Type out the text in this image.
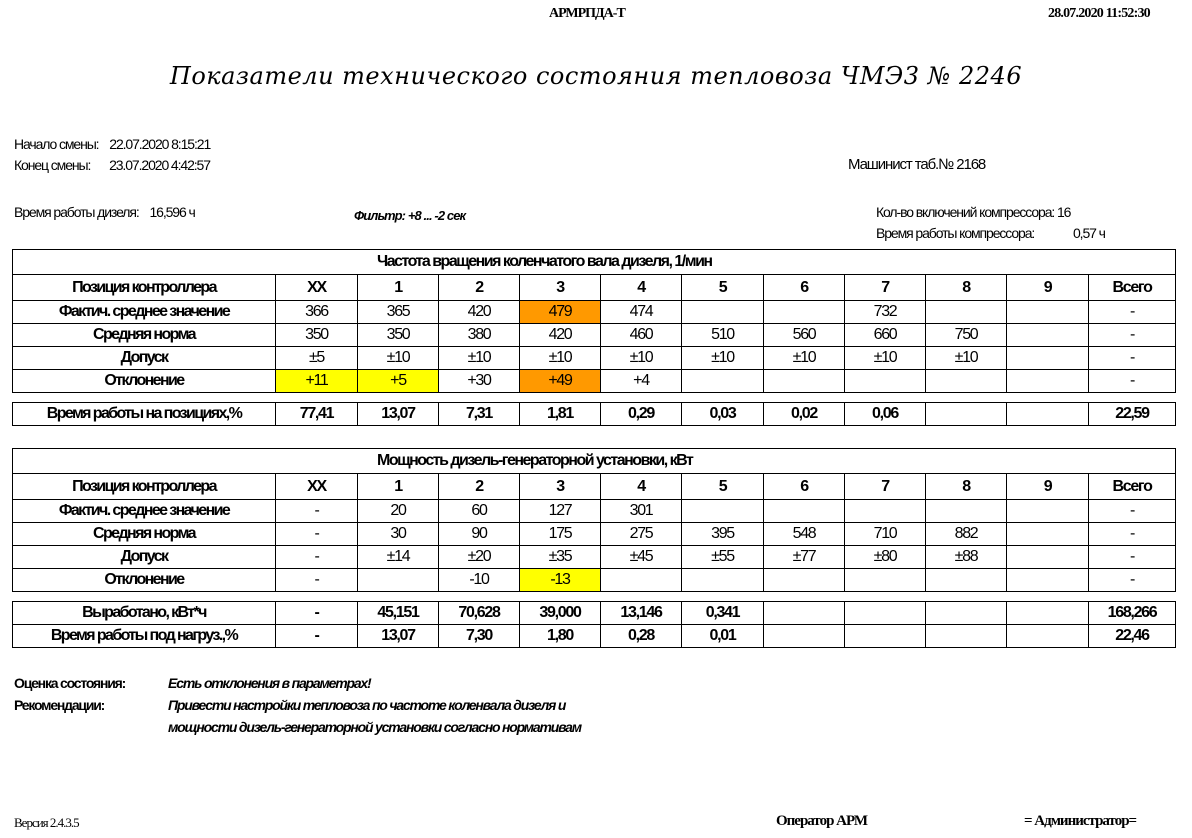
АРМРПДА-Т	28.07.2020 11:52:30
Показатели технического состояния тепловоза ЧМЭ3 № 2246
Начало смены: 22.07.2020 8:15:21
Конец смены: 23.07.2020 4:42:57	Машинист таб.№ 2168
Время работы дизеля: 16,596 ч	Фильтр: +8 ... -2 сек	Кол-во включений компрессора: 16
Время работы компрессора:	0,57 ч
Частота вращения коленчатого вала дизеля, 1/мин											
Позиция контроллера	ХХ	1	2	3	4	5	6	7	8	9	Всего
Фактич. среднее значение	366	365	420	479	474			732			-
Средняя норма	350	350	380	420	460	510	560	660	750		-
Допуск	±5	±10	±10	±10	±10	±10	±10	±10	±10		-
Отклонение	+11	+5	+30	+49	+4						-
Время работы на позициях,%	77,41	13,07	7,31	1,81	0,29	0,03	0,02	0,06			22,59
Мощность дизель-генераторной установки, кВт											
Позиция контроллера	ХХ	1	2	3	4	5	6	7	8	9	Всего
Фактич. среднее значение	-	20	60	127	301						-
Средняя норма	-	30	90	175	275	395	548	710	882		-
Допуск	-	±14	±20	±35	±45	±55	±77	±80	±88		-
Отклонение	-		-10	-13							-
Выработано, кВт*ч	-	45,151	70,628	39,000	13,146	0,341					168,266
Время работы под нагруз.,%	-	13,07	7,30	1,80	0,28	0,01					22,46
Оценка состояния:	Есть отклонения в параметрах!
Рекомендации:	Привести настройки тепловоза по частоте коленвала дизеля и
мощности дизель-генераторной установки согласно нормативам
Версия 2.4.3.5	Оператор АРМ	= Администратор=
